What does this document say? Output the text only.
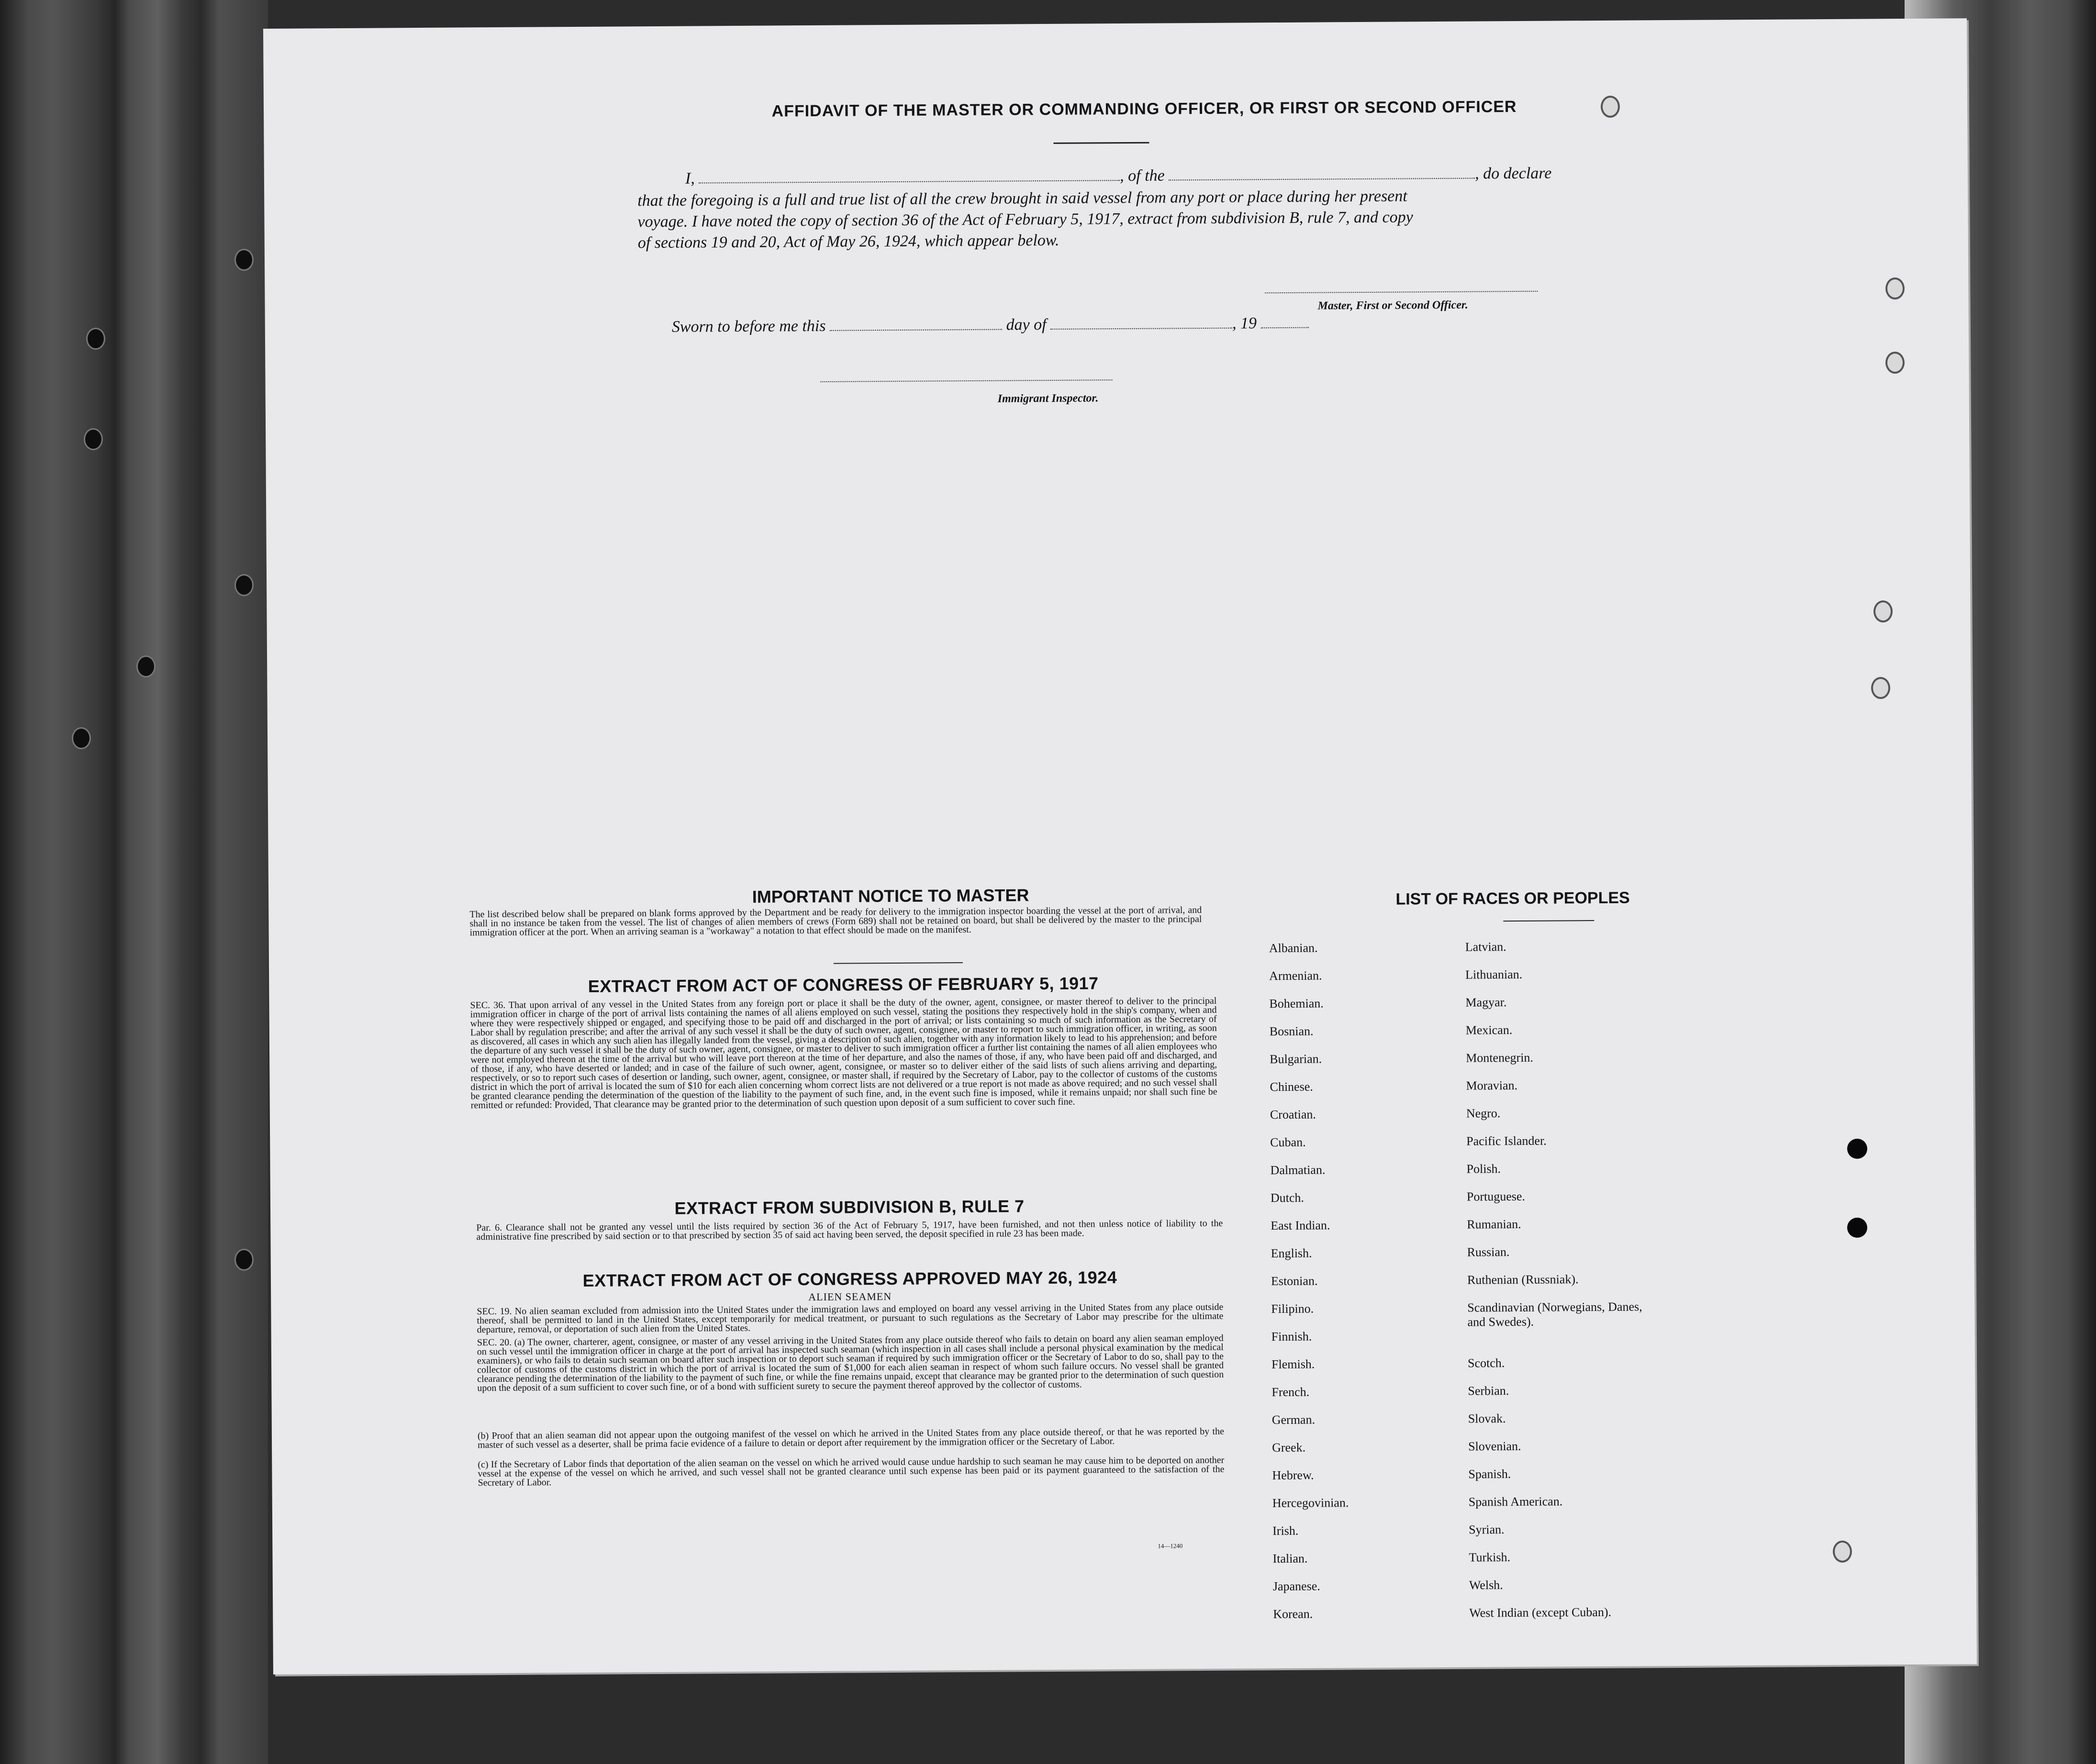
AFFIDAVIT OF THE MASTER OR COMMANDING OFFICER, OR FIRST OR SECOND OFFICER
I,	, of the	, do declare
that the foregoing is a full and true list of all the crew brought in said vessel from any port or place during her present
voyage. I have noted the copy of section 36 of the Act of February 5, 1917, extract from subdivision B, rule 7, and copy
of sections 19 and 20, Act of May 26, 1924, which appear below.
Master, First or Second Officer.
Sworn to before me this	day of	, 19
Immigrant Inspector.
IMPORTANT NOTICE TO MASTER
The list described below shall be prepared on blank forms approved by the Department and be ready for delivery to the immigration inspector boarding the vessel at the port of arrival, and shall in no instance be taken from the vessel. The list of changes of alien members of crews (Form 689) shall not be retained on board, but shall be delivered by the master to the principal immigration officer at the port. When an arriving seaman is a "workaway" a notation to that effect should be made on the manifest.
EXTRACT FROM ACT OF CONGRESS OF FEBRUARY 5, 1917
SEC. 36. That upon arrival of any vessel in the United States from any foreign port or place it shall be the duty of the owner, agent, consignee, or master thereof to deliver to the principal immigration officer in charge of the port of arrival lists containing the names of all aliens employed on such vessel, stating the positions they respectively hold in the ship's company, when and where they were respectively shipped or engaged, and specifying those to be paid off and discharged in the port of arrival; or lists containing so much of such information as the Secretary of Labor shall by regulation prescribe; and after the arrival of any such vessel it shall be the duty of such owner, agent, consignee, or master to report to such immigration officer, in writing, as soon as discovered, all cases in which any such alien has illegally landed from the vessel, giving a description of such alien, together with any information likely to lead to his apprehension; and before the departure of any such vessel it shall be the duty of such owner, agent, consignee, or master to deliver to such immigration officer a further list containing the names of all alien employees who were not employed thereon at the time of the arrival but who will leave port thereon at the time of her departure, and also the names of those, if any, who have been paid off and discharged, and of those, if any, who have deserted or landed; and in case of the failure of such owner, agent, consignee, or master so to deliver either of the said lists of such aliens arriving and departing, respectively, or so to report such cases of desertion or landing, such owner, agent, consignee, or master shall, if required by the Secretary of Labor, pay to the collector of customs of the customs district in which the port of arrival is located the sum of $10 for each alien concerning whom correct lists are not delivered or a true report is not made as above required; and no such vessel shall be granted clearance pending the determination of the question of the liability to the payment of such fine, and, in the event such fine is imposed, while it remains unpaid; nor shall such fine be remitted or refunded: Provided, That clearance may be granted prior to the determination of such question upon deposit of a sum sufficient to cover such fine.
EXTRACT FROM SUBDIVISION B, RULE 7
Par. 6. Clearance shall not be granted any vessel until the lists required by section 36 of the Act of February 5, 1917, have been furnished, and not then unless notice of liability to the administrative fine prescribed by said section or to that prescribed by section 35 of said act having been served, the deposit specified in rule 23 has been made.
EXTRACT FROM ACT OF CONGRESS APPROVED MAY 26, 1924
ALIEN SEAMEN
SEC. 19. No alien seaman excluded from admission into the United States under the immigration laws and employed on board any vessel arriving in the United States from any place outside thereof, shall be permitted to land in the United States, except temporarily for medical treatment, or pursuant to such regulations as the Secretary of Labor may prescribe for the ultimate departure, removal, or deportation of such alien from the United States.
SEC. 20. (a) The owner, charterer, agent, consignee, or master of any vessel arriving in the United States from any place outside thereof who fails to detain on board any alien seaman employed on such vessel until the immigration officer in charge at the port of arrival has inspected such seaman (which inspection in all cases shall include a personal physical examination by the medical examiners), or who fails to detain such seaman on board after such inspection or to deport such seaman if required by such immigration officer or the Secretary of Labor to do so, shall pay to the collector of customs of the customs district in which the port of arrival is located the sum of $1,000 for each alien seaman in respect of whom such failure occurs. No vessel shall be granted clearance pending the determination of the liability to the payment of such fine, or while the fine remains unpaid, except that clearance may be granted prior to the determination of such question upon the deposit of a sum sufficient to cover such fine, or of a bond with sufficient surety to secure the payment thereof approved by the collector of customs.
(b) Proof that an alien seaman did not appear upon the outgoing manifest of the vessel on which he arrived in the United States from any place outside thereof, or that he was reported by the master of such vessel as a deserter, shall be prima facie evidence of a failure to detain or deport after requirement by the immigration officer or the Secretary of Labor.
(c) If the Secretary of Labor finds that deportation of the alien seaman on the vessel on which he arrived would cause undue hardship to such seaman he may cause him to be deported on another vessel at the expense of the vessel on which he arrived, and such vessel shall not be granted clearance until such expense has been paid or its payment guaranteed to the satisfaction of the Secretary of Labor.
14—1240
LIST OF RACES OR PEOPLES
Albanian.
Armenian.
Bohemian.
Bosnian.
Bulgarian.
Chinese.
Croatian.
Cuban.
Dalmatian.
Dutch.
East Indian.
English.
Estonian.
Filipino.
Finnish.
Flemish.
French.
German.
Greek.
Hebrew.
Hercegovinian.
Irish.
Italian.
Japanese.
Korean.
Latvian.
Lithuanian.
Magyar.
Mexican.
Montenegrin.
Moravian.
Negro.
Pacific Islander.
Polish.
Portuguese.
Rumanian.
Russian.
Ruthenian (Russniak).
Scandinavian (Norwegians, Danes, and Swedes).
Scotch.
Serbian.
Slovak.
Slovenian.
Spanish.
Spanish American.
Syrian.
Turkish.
Welsh.
West Indian (except Cuban).
